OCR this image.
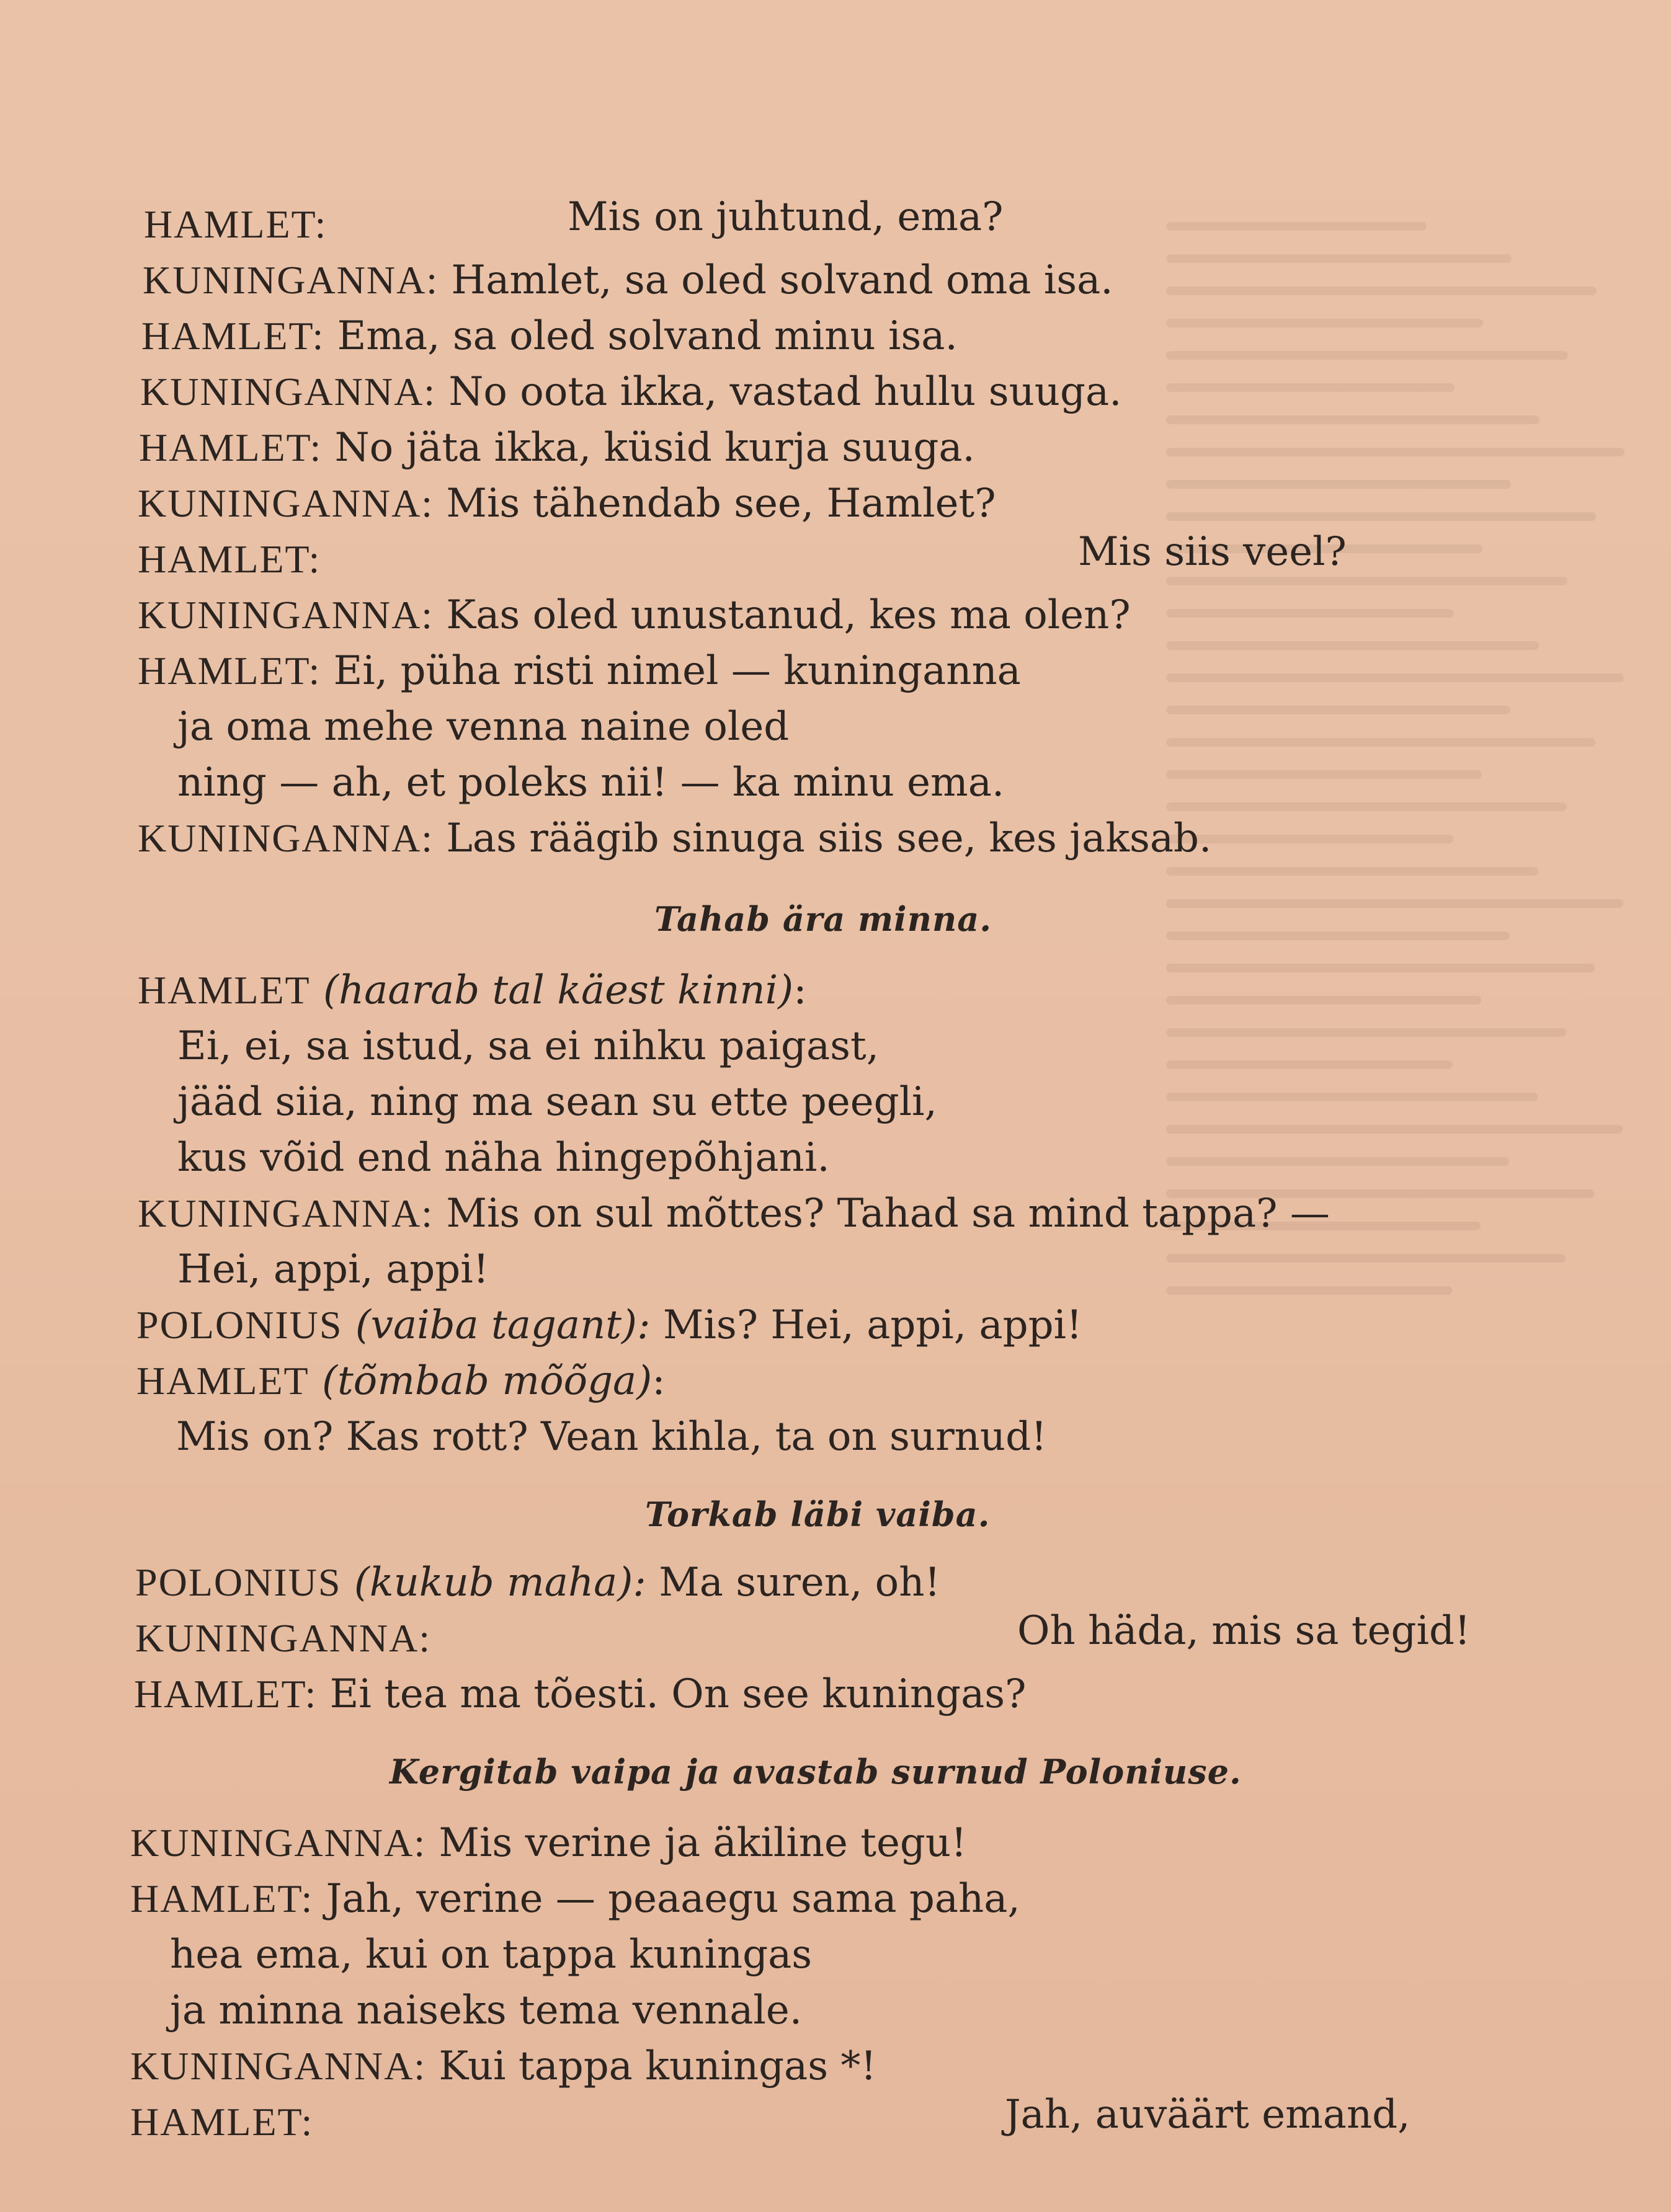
HAMLET:	Mis on juhtund, ema?
KUNINGANNA: Hamlet, sa oled solvand oma isa.
HAMLET: Ema, sa oled solvand minu isa.
KUNINGANNA: No oota ikka, vastad hullu suuga.
HAMLET: No jäta ikka, küsid kurja suuga.
KUNINGANNA: Mis tähendab see, Hamlet?
HAMLET:	Mis siis veel?
KUNINGANNA: Kas oled unustanud, kes ma olen?
HAMLET: Ei, püha risti nimel — kuninganna
ja oma mehe venna naine oled
ning — ah, et poleks nii! — ka minu ema.
KUNINGANNA: Las räägib sinuga siis see, kes jaksab.
Tahab ära minna.
HAMLET (haarab tal käest kinni):
Ei, ei, sa istud, sa ei nihku paigast,
jääd siia, ning ma sean su ette peegli,
kus võid end näha hingepõhjani.
KUNINGANNA: Mis on sul mõttes? Tahad sa mind tappa? —
Hei, appi, appi!
POLONIUS (vaiba tagant): Mis? Hei, appi, appi!
HAMLET (tõmbab mõõga):
Mis on? Kas rott? Vean kihla, ta on surnud!
Torkab läbi vaiba.
POLONIUS (kukub maha): Ma suren, oh!
KUNINGANNA:	Oh häda, mis sa tegid!
HAMLET: Ei tea ma tõesti. On see kuningas?
Kergitab vaipa ja avastab surnud Poloniuse.
KUNINGANNA: Mis verine ja äkiline tegu!
HAMLET: Jah, verine — peaaegu sama paha,
hea ema, kui on tappa kuningas
ja minna naiseks tema vennale.
KUNINGANNA: Kui tappa kuningas *!
HAMLET:	Jah, auväärt emand,
